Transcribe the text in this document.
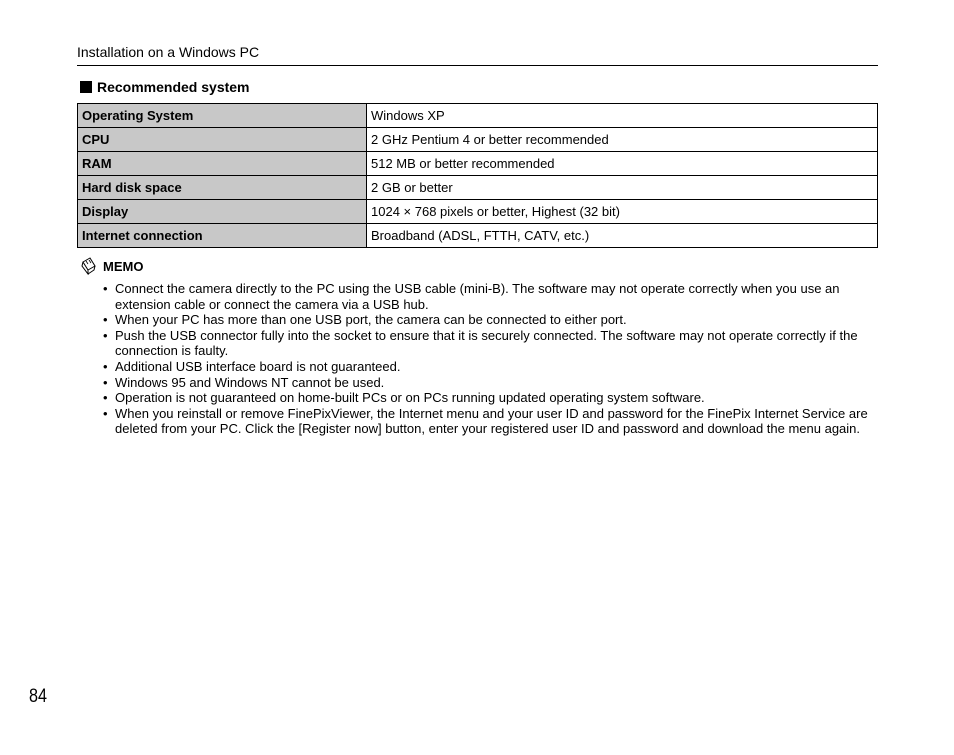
Installation on a Windows PC
Recommended system
Operating System	Windows XP
CPU	2 GHz Pentium 4 or better recommended
RAM	512 MB or better recommended
Hard disk space	2 GB or better
Display	1024 × 768 pixels or better, Highest (32 bit)
Internet connection	Broadband (ADSL, FTTH, CATV, etc.)
MEMO
• Connect the camera directly to the PC using the USB cable (mini-B). The software may not operate correctly when you use an extension cable or connect the camera via a USB hub.
• When your PC has more than one USB port, the camera can be connected to either port.
• Push the USB connector fully into the socket to ensure that it is securely connected. The software may not operate correctly if the connection is faulty.
• Additional USB interface board is not guaranteed.
• Windows 95 and Windows NT cannot be used.
• Operation is not guaranteed on home-built PCs or on PCs running updated operating system software.
• When you reinstall or remove FinePixViewer, the Internet menu and your user ID and password for the FinePix Internet Service are deleted from your PC. Click the [Register now] button, enter your registered user ID and password and download the menu again.
84
